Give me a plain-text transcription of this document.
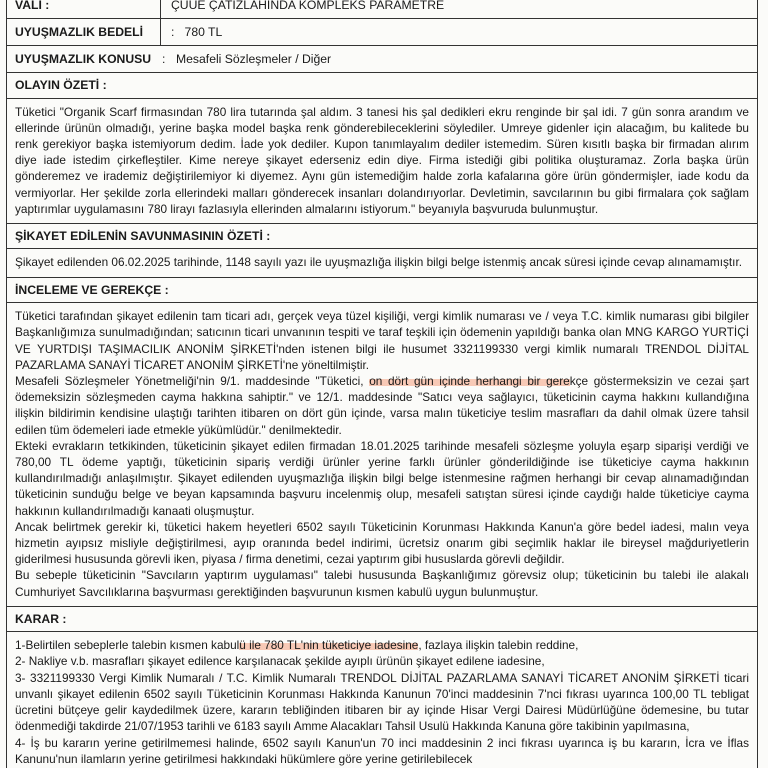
VALI :	ÇUUE ÇATIZLAHINDA KOMPLEKS PARAMETRE
UYUŞMAZLIK BEDELİ	:   780 TL
UYUŞMAZLIK KONUSU : Mesafeli Sözleşmeler / Diğer
OLAYIN ÖZETİ :
Tüketici "Organik Scarf firmasından 780 lira tutarında şal aldım. 3 tanesi his şal dedikleri ekru renginde bir şal idi. 7 gün sonra arandım ve ellerinde ürünün olmadığı, yerine başka model başka renk gönderebileceklerini söylediler. Umreye gidenler için alacağım, bu kalitede bu renk gerekiyor başka istemiyorum dedim. İade yok dediler. Kupon tanımlayalım dediler istemedim. Süren kısıtlı başka bir firmadan alırım diye iade istedim çirkefleştiler. Kime nereye şikayet ederseniz edin diye. Firma istediği gibi politika oluşturamaz. Zorla başka ürün gönderemez ve irademiz değiştirilemiyor ki diyemez. Aynı gün istemediğim halde zorla kafalarına göre ürün göndermişler, iade kodu da vermiyorlar. Her şekilde zorla ellerindeki malları gönderecek insanları dolandırıyorlar. Devletimin, savcılarının bu gibi firmalara çok sağlam yaptırımlar uygulamasını 780 lirayı fazlasıyla ellerinden almalarını istiyorum." beyanıyla başvuruda bulunmuştur.
ŞİKAYET EDİLENİN SAVUNMASININ ÖZETİ :
Şikayet edilenden 06.02.2025 tarihinde, 1148 sayılı yazı ile uyuşmazlığa ilişkin bilgi belge istenmiş ancak süresi içinde cevap alınamamıştır.
İNCELEME VE GEREKÇE :

Tüketici tarafından şikayet edilenin tam ticari adı, gerçek veya tüzel kişiliği, vergi kimlik numarası ve / veya T.C. kimlik numarası gibi bilgiler Başkanlığımıza sunulmadığından; satıcının ticari unvanının tespiti ve taraf teşkili için ödemenin yapıldığı banka olan MNG KARGO YURTİÇİ VE YURTDIŞI TAŞIMACILIK ANONİM ŞİRKETİ'nden istenen bilgi ile husumet 3321199330 vergi kimlik numaralı TRENDOL DİJİTAL PAZARLAMA SANAYİ TİCARET ANONİM ŞİRKETİ'ne yöneltilmiştir.

Mesafeli Sözleşmeler Yönetmeliği'nin 9/1. maddesinde "Tüketici, on dört gün içinde herhangi bir gerekçe göstermeksizin ve cezai şart ödemeksizin sözleşmeden cayma hakkına sahiptir." ve 12/1. maddesinde "Satıcı veya sağlayıcı, tüketicinin cayma hakkını kullandığına ilişkin bildirimin kendisine ulaştığı tarihten itibaren on dört gün içinde, varsa malın tüketiciye teslim masrafları da dahil olmak üzere tahsil edilen tüm ödemeleri iade etmekle yükümlüdür." denilmektedir.

Ekteki evrakların tetkikinden, tüketicinin şikayet edilen firmadan 18.01.2025 tarihinde mesafeli sözleşme yoluyla eşarp siparişi verdiği ve 780,00 TL ödeme yaptığı, tüketicinin sipariş verdiği ürünler yerine farklı ürünler gönderildiğinde ise tüketiciye cayma hakkının kullandırılmadığı anlaşılmıştır. Şikayet edilenden uyuşmazlığa ilişkin bilgi belge istenmesine rağmen herhangi bir cevap alınamadığından tüketicinin sunduğu belge ve beyan kapsamında başvuru incelenmiş olup, mesafeli satıştan süresi içinde caydığı halde tüketiciye cayma hakkının kullandırılmadığı kanaati oluşmuştur.

Ancak belirtmek gerekir ki, tüketici hakem heyetleri 6502 sayılı Tüketicinin Korunması Hakkında Kanun'a göre bedel iadesi, malın veya hizmetin ayıpsız misliyle değiştirilmesi, ayıp oranında bedel indirimi, ücretsiz onarım gibi seçimlik haklar ile bireysel mağduriyetlerin giderilmesi hususunda görevli iken, piyasa / firma denetimi, cezai yaptırım gibi hususlarda görevli değildir.

Bu sebeple tüketicinin "Savcıların yaptırım uygulaması" talebi hususunda Başkanlığımız görevsiz olup; tüketicinin bu talebi ile alakalı Cumhuriyet Savcılıklarına başvurması gerektiğinden başvurunun kısmen kabulü uygun bulunmuştur.

KARAR :

1-Belirtilen sebeplerle talebin kısmen kabulü ile 780 TL'nin tüketiciye iadesine, fazlaya ilişkin talebin reddine,

2- Nakliye v.b. masrafları şikayet edilence karşılanacak şekilde ayıplı ürünün şikayet edilene iadesine,

3- 3321199330 Vergi Kimlik Numaralı / T.C. Kimlik Numaralı TRENDOL DİJİTAL PAZARLAMA SANAYİ TİCARET ANONİM ŞİRKETİ ticari unvanlı şikayet edilenin 6502 sayılı Tüketicinin Korunması Hakkında Kanunun 70'inci maddesinin 7'nci fıkrası uyarınca 100,00 TL tebligat ücretini bütçeye gelir kaydedilmek üzere, kararın tebliğinden itibaren bir ay içinde Hisar Vergi Dairesi Müdürlüğüne ödemesine, bu tutar ödenmediği takdirde 21/07/1953 tarihli ve 6183 sayılı Amme Alacakları Tahsil Usulü Hakkında Kanuna göre takibinin yapılmasına,

4- İş bu kararın yerine getirilmemesi halinde, 6502 sayılı Kanun'un 70 inci maddesinin 2 inci fıkrası uyarınca iş bu kararın, İcra ve İflas Kanunu'nun ilamların yerine getirilmesi hakkındaki hükümlere göre yerine getirilebilecek
